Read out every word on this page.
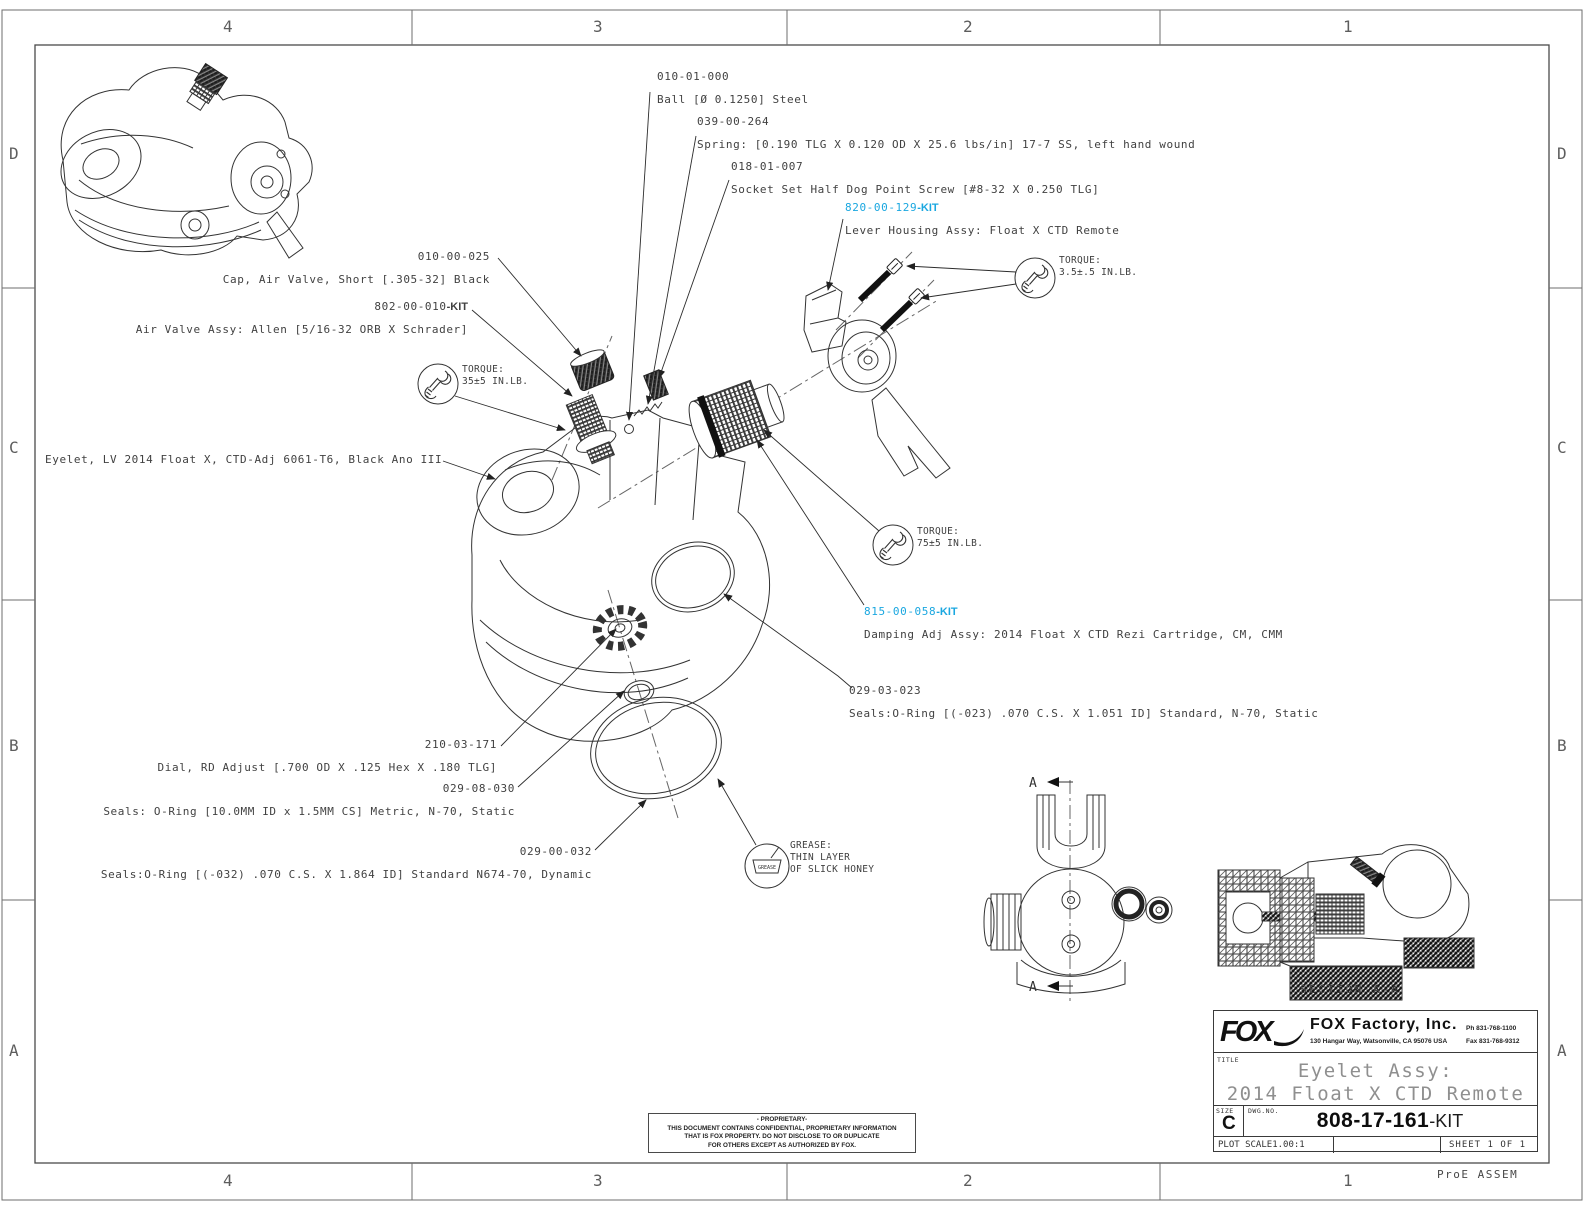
GREASE
A
A
4	3	2	1
4	3	2	1
D
C
B
A
D
C
B
A
010-01-000
Ball [Ø 0.1250] Steel
039-00-264
Spring: [0.190 TLG X 0.120 OD X 25.6 lbs/in] 17-7 SS, left hand wound
018-01-007
Socket Set Half Dog Point Screw [#8-32 X 0.250 TLG]
820-00-129-KIT
Lever Housing Assy: Float X CTD Remote
010-00-025
Cap, Air Valve, Short [.305-32] Black
802-00-010-KIT
Air Valve Assy: Allen [5/16-32 ORB X Schrader]
Eyelet, LV 2014 Float X, CTD-Adj 6061-T6, Black Ano III
815-00-058-KIT
Damping Adj Assy: 2014 Float X CTD Rezi Cartridge, CM, CMM
029-03-023
Seals:O-Ring [(-023) .070 C.S. X 1.051 ID] Standard, N-70, Static
210-03-171
Dial, RD Adjust [.700 OD X .125 Hex X .180 TLG]
029-08-030
Seals: O-Ring [10.0MM ID x 1.5MM CS] Metric, N-70, Static
029-00-032
Seals:O-Ring [(-032) .070 C.S. X 1.864 ID] Standard N674-70, Dynamic
TORQUE:
35±5 IN.LB.
TORQUE:
3.5±.5 IN.LB.
TORQUE:
75±5 IN.LB.
GREASE:
THIN LAYER
OF SLICK HONEY
SECTION A-A
FOX FOX Factory, Inc.
130 Hangar Way, Watsonville, CA 95076 USA
Ph 831-768-1100
Fax 831-768-9312
TITLE	Eyelet Assy:
2014 Float X CTD Remote
SIZE
C
DWG.NO.	808-17-161-KIT
PLOT SCALE1.00:1	SHEET 1 OF 1
- PROPRIETARY-
THIS DOCUMENT CONTAINS CONFIDENTIAL, PROPRIETARY INFORMATION
THAT IS FOX PROPERTY. DO NOT DISCLOSE TO OR DUPLICATE
FOR OTHERS EXCEPT AS AUTHORIZED BY FOX.
ProE ASSEM
